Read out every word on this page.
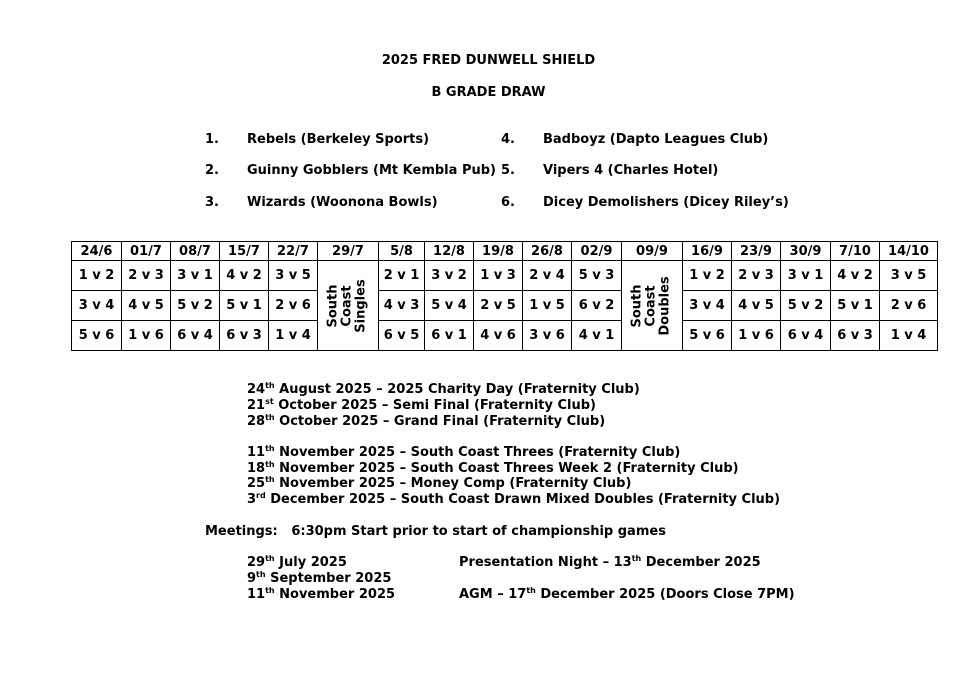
2025 FRED DUNWELL SHIELD
B GRADE DRAW
1. Rebels (Berkeley Sports)
2. Guinny Gobblers (Mt Kembla Pub)
3. Wizards (Woonona Bowls)
4. Badboyz (Dapto Leagues Club)
5. Vipers 4 (Charles Hotel)
6. Dicey Demolishers (Dicey Riley’s)
24/6	01/7	08/7	15/7	22/7	29/7	5/8	12/8	19/8	26/8	02/9	09/9	16/9	23/9	30/9	7/10	14/10
1 v 2	2 v 3	3 v 1	4 v 2	3 v 5	South Coast Singles	2 v 1	3 v 2	1 v 3	2 v 4	5 v 3	South Coast Doubles	1 v 2	2 v 3	3 v 1	4 v 2	3 v 5
3 v 4	4 v 5	5 v 2	5 v 1	2 v 6		4 v 3	5 v 4	2 v 5	1 v 5	6 v 2		3 v 4	4 v 5	5 v 2	5 v 1	2 v 6
5 v 6	1 v 6	6 v 4	6 v 3	1 v 4		6 v 5	6 v 1	4 v 6	3 v 6	4 v 1		5 v 6	1 v 6	6 v 4	6 v 3	1 v 4
24th August 2025 – 2025 Charity Day (Fraternity Club)
21st October 2025 – Semi Final (Fraternity Club)
28th October 2025 – Grand Final (Fraternity Club)
11th November 2025 – South Coast Threes (Fraternity Club)
18th November 2025 – South Coast Threes Week 2 (Fraternity Club)
25th November 2025 – Money Comp (Fraternity Club)
3rd December 2025 – South Coast Drawn Mixed Doubles (Fraternity Club)
Meetings: 6:30pm Start prior to start of championship games
29th July 2025
9th September 2025
11th November 2025
Presentation Night – 13th December 2025
AGM – 17th December 2025 (Doors Close 7PM)
